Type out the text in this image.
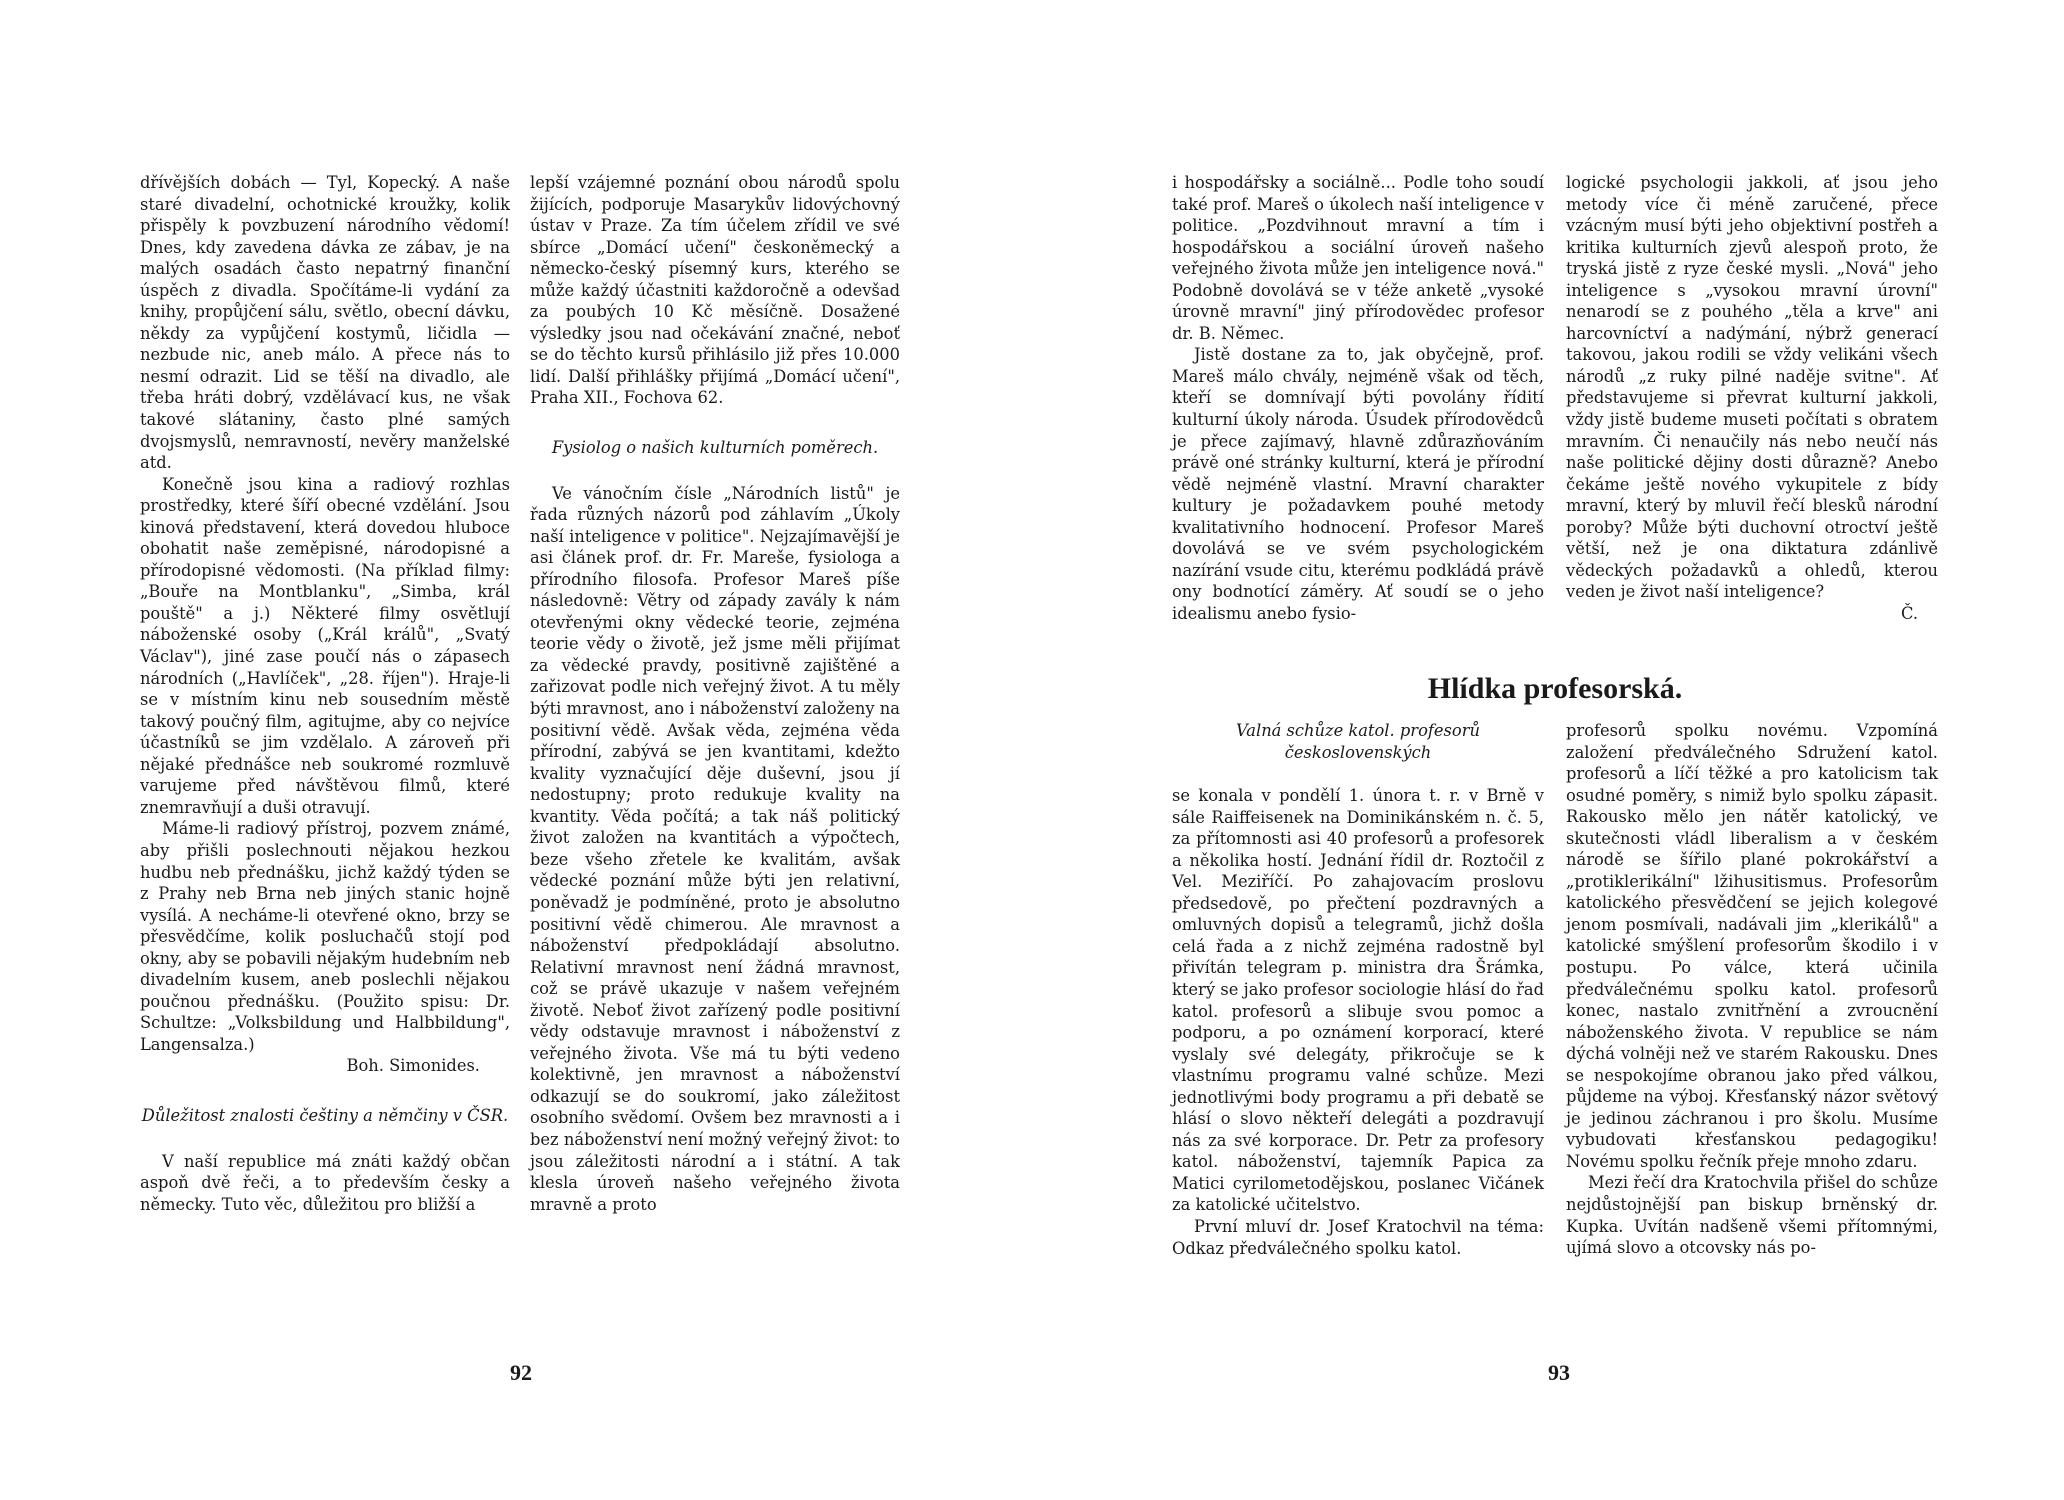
dřívějších dobách — Tyl, Kopecký. A naše staré divadelní, ochotnické kroužky, kolik přispěly k povzbuzení národního vědomí! Dnes, kdy zavedena dávka ze zábav, je na malých osadách často nepatrný finanční úspěch z divadla. Spočítáme-li vydání za knihy, propůjčení sálu, světlo, obecní dávku, někdy za vypůjčení kostymů, ličidla — nezbude nic, aneb málo. A přece nás to nesmí odrazit. Lid se těší na divadlo, ale třeba hráti dobrý, vzdělávací kus, ne však takové slátaniny, často plné samých dvojsmyslů, nemravností, nevěry manželské atd.

Konečně jsou kina a radiový rozhlas prostředky, které šíří obecné vzdělání. Jsou kinová představení, která dovedou hluboce obohatit naše zeměpisné, národopisné a přírodopisné vědomosti. (Na příklad filmy: „Bouře na Montblanku", „Simba, král pouště" a j.) Některé filmy osvětlují náboženské osoby („Král králů", „Svatý Václav"), jiné zase poučí nás o zápasech národních („Havlíček", „28. říjen"). Hraje-li se v místním kinu neb sousedním městě takový poučný film, agitujme, aby co nejvíce účastníků se jim vzdělalo. A zároveň při nějaké přednášce neb soukromé rozmluvě varujeme před návštěvou filmů, které znemravňují a duši otravují.

Máme-li radiový přístroj, pozvem známé, aby přišli poslechnouti nějakou hezkou hudbu neb přednášku, jichž každý týden se z Prahy neb Brna neb jiných stanic hojně vysílá. A necháme-li otevřené okno, brzy se přesvědčíme, kolik posluchačů stojí pod okny, aby se pobavili nějakým hudebním neb divadelním kusem, aneb poslechli nějakou poučnou přednášku. (Použito spisu: Dr. Schultze: „Volksbildung und Halbbildung", Langensalza.)

Boh. Simonides.

Důležitost znalosti češtiny a němčiny v ČSR.

V naší republice má znáti každý občan aspoň dvě řeči, a to především česky a německy. Tuto věc, důležitou pro bližší a

lepší vzájemné poznání obou národů spolu žijících, podporuje Masarykův lidovýchovný ústav v Praze. Za tím účelem zřídil ve své sbírce „Domácí učení" českoněmecký a německo-český písemný kurs, kterého se může každý účastniti každoročně a odevšad za poubých 10 Kč měsíčně. Dosažené výsledky jsou nad očekávání značné, neboť se do těchto kursů přihlásilo již přes 10.000 lidí. Další přihlášky přijímá „Domácí učení", Praha XII., Fochova 62.

Fysiolog o našich kulturních poměrech.

Ve vánočním čísle „Národních listů" je řada různých názorů pod záhlavím „Úkoly naší inteligence v politice". Nejzajímavější je asi článek prof. dr. Fr. Mareše, fysiologa a přírodního filosofa. Profesor Mareš píše následovně: Větry od západy zavály k nám otevřenými okny vědecké teorie, zejména teorie vědy o životě, jež jsme měli přijímat za vědecké pravdy, positivně zajištěné a zařizovat podle nich veřejný život. A tu měly býti mravnost, ano i náboženství založeny na positivní vědě. Avšak věda, zejména věda přírodní, zabývá se jen kvantitami, kdežto kvality vyznačující děje duševní, jsou jí nedostupny; proto redukuje kvality na kvantity. Věda počítá; a tak náš politický život založen na kvantitách a výpočtech, beze všeho zřetele ke kvalitám, avšak vědecké poznání může býti jen relativní, poněvadž je podmíněné, proto je absolutno positivní vědě chimerou. Ale mravnost a náboženství předpokládají absolutno. Relativní mravnost není žádná mravnost, což se právě ukazuje v našem veřejném životě. Neboť život zařízený podle positivní vědy odstavuje mravnost i náboženství z veřejného života. Vše má tu býti vedeno kolektivně, jen mravnost a náboženství odkazují se do soukromí, jako záležitost osobního svědomí. Ovšem bez mravnosti a i bez náboženství není možný veřejný život: to jsou záležitosti národní a i státní. A tak klesla úroveň našeho veřejného života mravně a proto

92

i hospodářsky a sociálně... Podle toho soudí také prof. Mareš o úkolech naší inteligence v politice. „Pozdvihnout mravní a tím i hospodářskou a sociální úroveň našeho veřejného života může jen inteligence nová." Podobně dovolává se v téže anketě „vysoké úrovně mravní" jiný přírodovědec profesor dr. B. Němec.

Jistě dostane za to, jak obyčejně, prof. Mareš málo chvály, nejméně však od těch, kteří se domnívají býti povolány řídití kulturní úkoly národa. Úsudek přírodovědců je přece zajímavý, hlavně zdůrazňováním právě oné stránky kulturní, která je přírodní vědě nejméně vlastní. Mravní charakter kultury je požadavkem pouhé metody kvalitativního hodnocení. Profesor Mareš dovolává se ve svém psychologickém nazírání vsude citu, kterému podkládá právě ony bodnotící záměry. Ať soudí se o jeho idealismu anebo fysio-

logické psychologii jakkoli, ať jsou jeho metody více či méně zaručené, přece vzácným musí býti jeho objektivní postřeh a kritika kulturních zjevů alespoň proto, že tryská jistě z ryze české mysli. „Nová" jeho inteligence s „vysokou mravní úrovní" nenarodí se z pouhého „těla a krve" ani harcovníctví a nadýmání, nýbrž generací takovou, jakou rodili se vždy velikáni všech národů „z ruky pilné naděje svitne". Ať představujeme si převrat kulturní jakkoli, vždy jistě budeme museti počítati s obratem mravním. Či nenaučily nás nebo neučí nás naše politické dějiny dosti důrazně? Anebo čekáme ještě nového vykupitele z bídy mravní, který by mluvil řečí blesků národní poroby? Může býti duchovní otroctví ještě větší, než je ona diktatura zdánlivě vědeckých požadavků a ohledů, kterou veden je život naší inteligence?

Č.

Hlídka profesorská.
Valná schůze katol. profesorů československých

se konala v pondělí 1. února t. r. v Brně v sále Raiffeisenek na Dominikánském n. č. 5, za přítomnosti asi 40 profesorů a profesorek a několika hostí. Jednání řídil dr. Roztočil z Vel. Meziříčí. Po zahajovacím proslovu předsedově, po přečtení pozdravných a omluvných dopisů a telegramů, jichž došla celá řada a z nichž zejména radostně byl přivítán telegram p. ministra dra Šrámka, který se jako profesor sociologie hlásí do řad katol. profesorů a slibuje svou pomoc a podporu, a po oznámení korporací, které vyslaly své delegáty, přikročuje se k vlastnímu programu valné schůze. Mezi jednotlivými body programu a při debatě se hlásí o slovo někteří delegáti a pozdravují nás za své korporace. Dr. Petr za profesory katol. náboženství, tajemník Papica za Matici cyrilometodějskou, poslanec Vičánek za katolické učitelstvo.

První mluví dr. Josef Kratochvil na téma: Odkaz předválečného spolku katol.

profesorů spolku novému. Vzpomíná založení předválečného Sdružení katol. profesorů a líčí těžké a pro katolicism tak osudné poměry, s nimiž bylo spolku zápasit. Rakousko mělo jen nátěr katolický, ve skutečnosti vládl liberalism a v českém národě se šířilo plané pokrokářství a „protiklerikální" lžihusitismus. Profesorům katolického přesvědčení se jejich kolegové jenom posmívali, nadávali jim „klerikálů" a katolické smýšlení profesorům škodilo i v postupu. Po válce, která učinila předválečnému spolku katol. profesorů konec, nastalo zvnitřnění a zvroucnění náboženského života. V republice se nám dýchá volněji než ve starém Rakousku. Dnes se nespokojíme obranou jako před válkou, půjdeme na výboj. Křesťanský názor světový je jedinou záchranou i pro školu. Musíme vybudovati křesťanskou pedagogiku! Novému spolku řečník přeje mnoho zdaru.

Mezi řečí dra Kratochvila přišel do schůze nejdůstojnější pan biskup brněnský dr. Kupka. Uvítán nadšeně všemi přítomnými, ujímá slovo a otcovsky nás po-

93
